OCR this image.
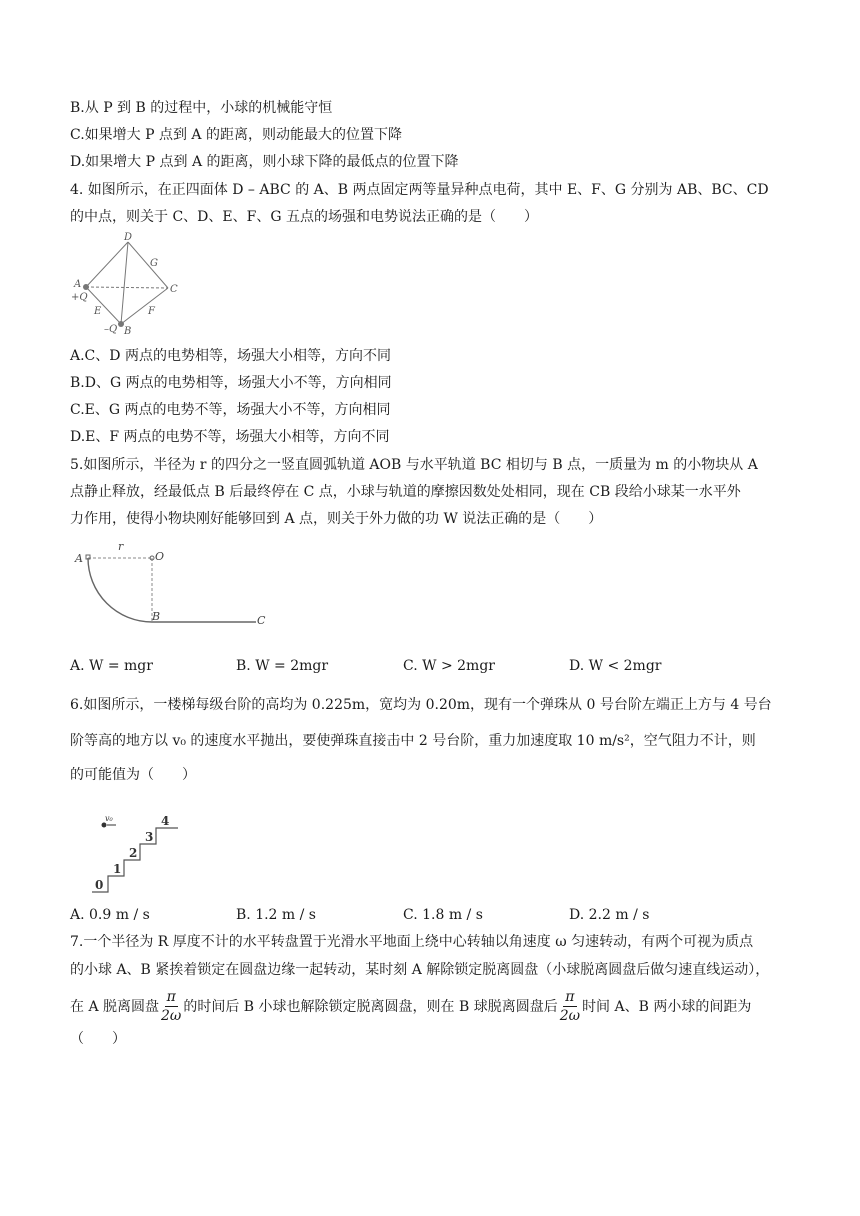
B.从 P 到 B 的过程中，小球的机械能守恒
C.如果增大 P 点到 A 的距离，则动能最大的位置下降
D.如果增大 P 点到 A 的距离，则小球下降的最低点的位置下降
4. 如图所示，在正四面体 D – ABC 的 A、B 两点固定两等量异种点电荷，其中 E、F、G 分别为 AB、BC、CD
的中点，则关于 C、D、E、F、G 五点的场强和电势说法正确的是（　　）
D
G
A
+Q
C
E	F
–Q B
A.C、D 两点的电势相等，场强大小相等，方向不同
B.D、G 两点的电势相等，场强大小不等，方向相同
C.E、G 两点的电势不等，场强大小不等，方向相同
D.E、F 两点的电势不等，场强大小相等，方向不同
5.如图所示，半径为 r 的四分之一竖直圆弧轨道 AOB 与水平轨道 BC 相切与 B 点，一质量为 m 的小物块从 A
点静止释放，经最低点 B 后最终停在 C 点，小球与轨道的摩擦因数处处相同，现在 CB 段给小球某一水平外
力作用，使得小物块刚好能够回到 A 点，则关于外力做的功 W 说法正确的是（　　）
A
r
O
B	C
A. W = mgr	B. W = 2mgr	C. W > 2mgr	D. W < 2mgr
6.如图所示，一楼梯每级台阶的高均为 0.225m，宽均为 0.20m，现有一个弹珠从 0 号台阶左端正上方与 4 号台
阶等高的地方以 v₀ 的速度水平抛出，要使弹珠直接击中 2 号台阶，重力加速度取 10 m/s²，空气阻力不计，则
的可能值为（　　）
v₀
0
1
2
3
4
A. 0.9 m / s	B. 1.2 m / s	C. 1.8 m / s	D. 2.2 m / s
7.一个半径为 R 厚度不计的水平转盘置于光滑水平地面上绕中心转轴以角速度 ω 匀速转动，有两个可视为质点
的小球 A、B 紧挨着锁定在圆盘边缘一起转动，某时刻 A 解除锁定脱离圆盘（小球脱离圆盘后做匀速直线运动），
在 A 脱离圆盘 $\frac{\pi}{2\omega}$ 的时间后 B 小球也解除锁定脱离圆盘，则在 B 球脱离圆盘后 $\frac{\pi}{2\omega}$ 时间 A、B 两小球的间距为
（　　）
